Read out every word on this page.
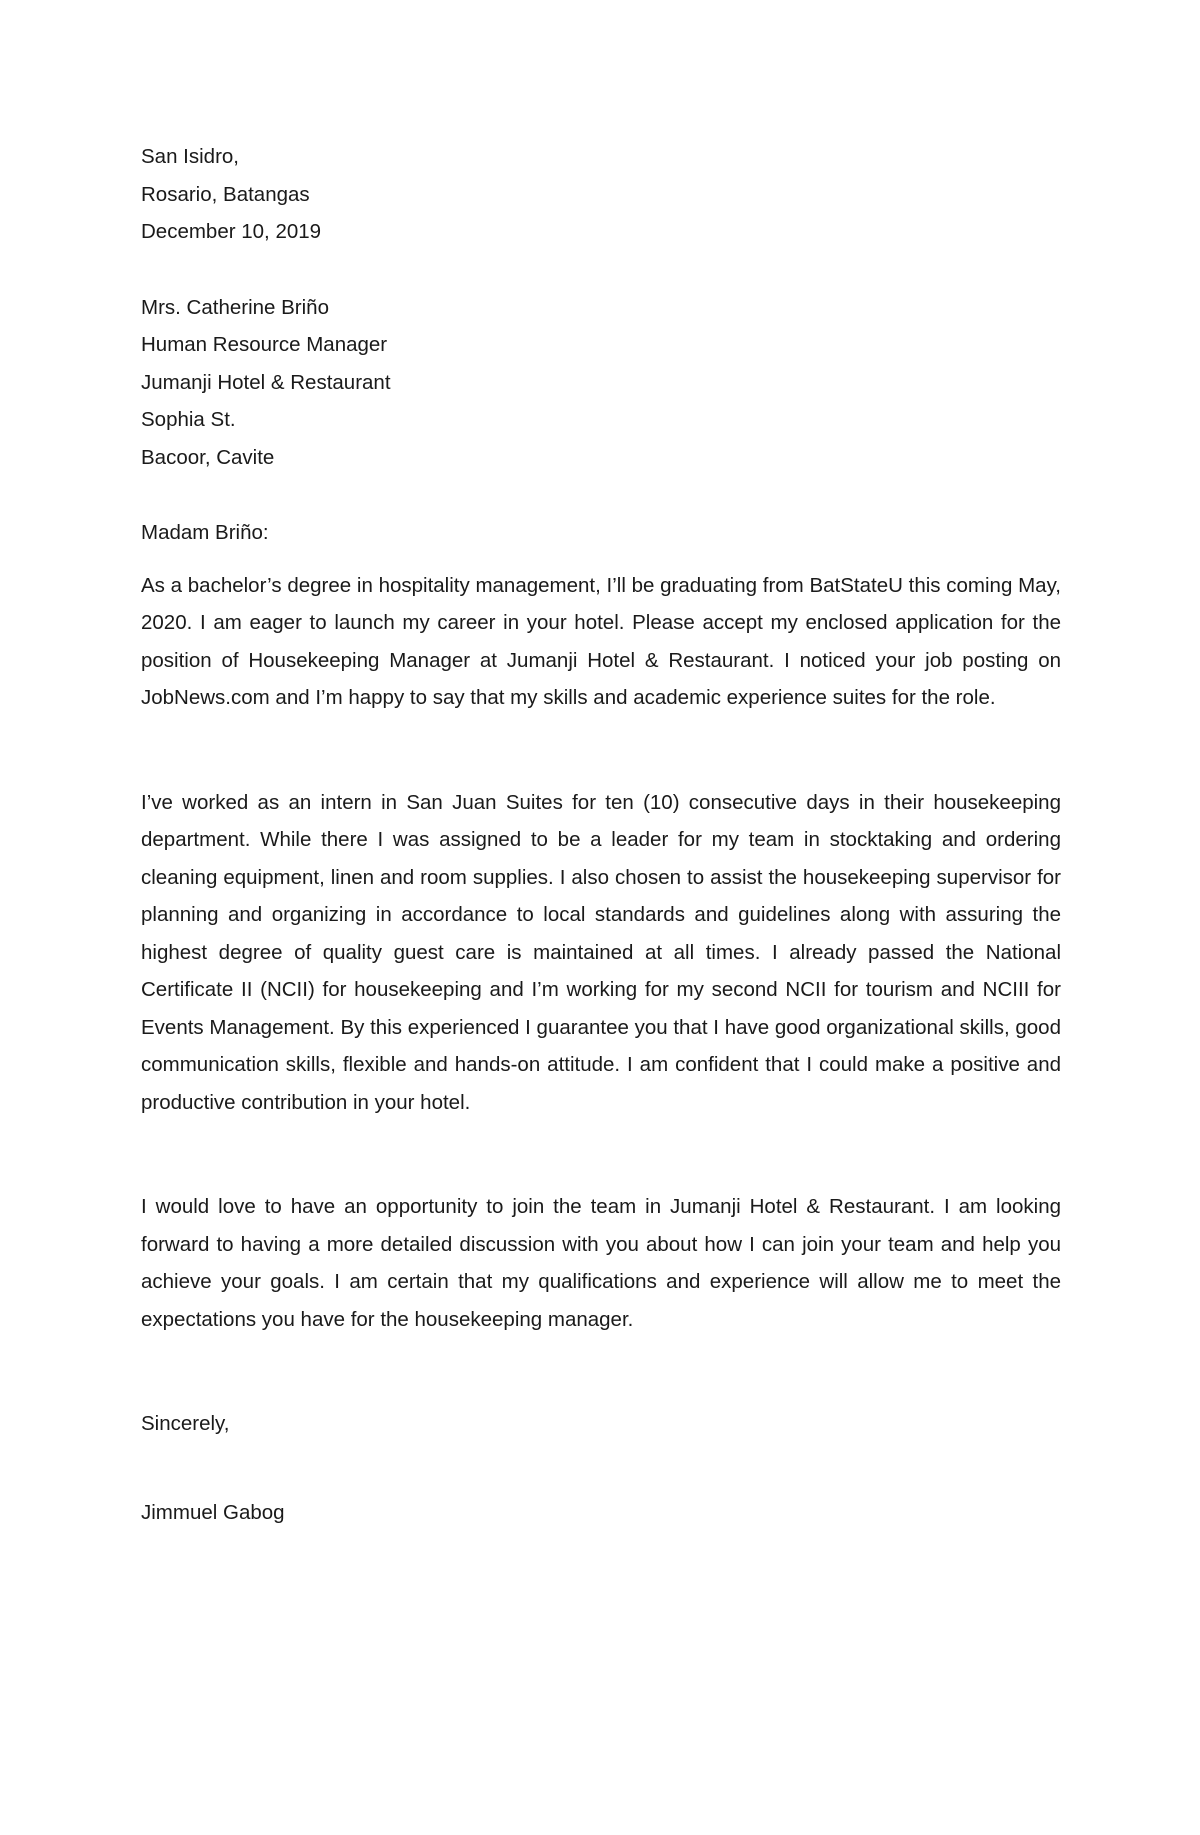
San Isidro,
Rosario, Batangas
December 10, 2019
Mrs. Catherine Briño
Human Resource Manager
Jumanji Hotel & Restaurant
Sophia St.
Bacoor, Cavite
Madam Briño:

As a bachelor’s degree in hospitality management, I’ll be graduating from BatStateU this coming May, 2020. I am eager to launch my career in your hotel. Please accept my enclosed application for the position of Housekeeping Manager at Jumanji Hotel & Restaurant. I noticed your job posting on JobNews.com and I’m happy to say that my skills and academic experience suites for the role.

I’ve worked as an intern in San Juan Suites for ten (10) consecutive days in their housekeeping department. While there I was assigned to be a leader for my team in stocktaking and ordering cleaning equipment, linen and room supplies. I also chosen to assist the housekeeping supervisor for planning and organizing in accordance to local standards and guidelines along with assuring the highest degree of quality guest care is maintained at all times. I already passed the National Certificate II (NCII) for housekeeping and I’m working for my second NCII for tourism and NCIII for Events Management. By this experienced I guarantee you that I have good organizational skills, good communication skills, flexible and hands-on attitude. I am confident that I could make a positive and productive contribution in your hotel.

I would love to have an opportunity to join the team in Jumanji Hotel & Restaurant. I am looking forward to having a more detailed discussion with you about how I can join your team and help you achieve your goals. I am certain that my qualifications and experience will allow me to meet the expectations you have for the housekeeping manager.

Sincerely,
Jimmuel Gabog
